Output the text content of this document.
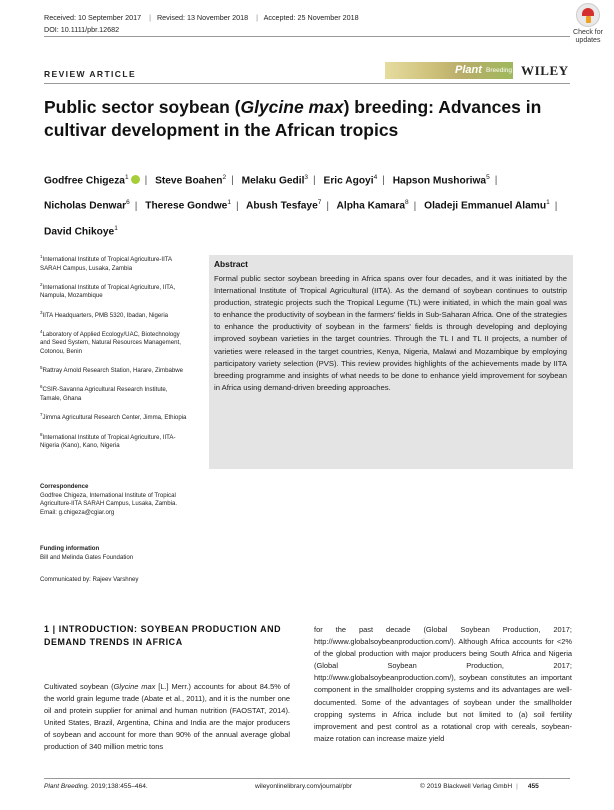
Received: 10 September 2017 | Revised: 13 November 2018 | Accepted: 25 November 2018
DOI: 10.1111/pbr.12682	Check for
updates
REVIEW ARTICLE	Plant Breeding WILEY
Public sector soybean (Glycine max) breeding: Advances in cultivar development in the African tropics
Godfree Chigeza$^1$ | Steve Boahen$^2$ | Melaku Gedil$^3$ | Eric Agoyi$^4$ | Hapson Mushoriwa$^5$ | Nicholas Denwar$^6$ | Therese Gondwe$^1$ | Abush Tesfaye$^7$ | Alpha Kamara$^8$ | Oladeji Emmanuel Alamu$^1$ | David Chikoye$^1$

$^1$International Institute of Tropical Agriculture-IITA SARAH Campus, Lusaka, Zambia

$^2$International Institute of Tropical Agriculture, IITA, Nampula, Mozambique

$^3$IITA Headquarters, PMB 5320, Ibadan, Nigeria

$^4$Laboratory of Applied Ecology/UAC, Biotechnology and Seed System, Natural Resources Management, Cotonou, Benin

$^5$Rattray Arnold Research Station, Harare, Zimbabwe

$^6$CSIR-Savanna Agricultural Research Institute, Tamale, Ghana

$^7$Jimma Agricultural Research Center, Jimma, Ethiopia

$^8$International Institute of Tropical Agriculture, IITA-Nigeria (Kano), Kano, Nigeria

Correspondence

Godfree Chigeza, International Institute of Tropical Agriculture-IITA SARAH Campus, Lusaka, Zambia.

Email: g.chigeza@cgiar.org

Funding information

Bill and Melinda Gates Foundation

Communicated by: Rajeev Varshney
Abstract

Formal public sector soybean breeding in Africa spans over four decades, and it was initiated by the International Institute of Tropical Agricultural (IITA). As the demand of soybean continues to outstrip production, strategic projects such the Tropical Legume (TL) were initiated, in which the main goal was to enhance the productivity of soybean in the farmers' fields in Sub-Saharan Africa. One of the strategies to enhance the productivity of soybean in the farmers' fields is through developing and deploying improved soybean varieties in the target countries. Through the TL I and TL II projects, a number of varieties were released in the target countries, Kenya, Nigeria, Malawi and Mozambique by employing participatory variety selection (PVS). This review provides highlights of the achievements made by IITA breeding programme and insights of what needs to be done to enhance yield improvement for soybean in Africa using demand-driven breeding approaches.

1 | INTRODUCTION: SOYBEAN PRODUCTION AND DEMAND TRENDS IN AFRICA

Cultivated soybean (Glycine max [L.] Merr.) accounts for about 84.5% of the world grain legume trade (Abate et al., 2011), and it is the number one oil and protein supplier for animal and human nutrition (FAOSTAT, 2014). United States, Brazil, Argentina, China and India are the major producers of soybean and account for more than 90% of the annual average global production of 340 million metric tons

for the past decade (Global Soybean Production, 2017; http://www.globalsoybeanproduction.com/). Although Africa accounts for <2% of the global production with major producers being South Africa and Nigeria (Global Soybean Production, 2017; http://www.globalsoybeanproduction.com/), soybean constitutes an important component in the smallholder cropping systems and its advantages are well-documented. Some of the advantages of soybean under the smallholder cropping systems in Africa include but not limited to (a) soil fertility improvement and pest control as a rotational crop with cereals, soybean-maize rotation can increase maize yield

Plant Breeding. 2019;138:455–464.	wileyonlinelibrary.com/journal/pbr	© 2019 Blackwell Verlag GmbH | 455
